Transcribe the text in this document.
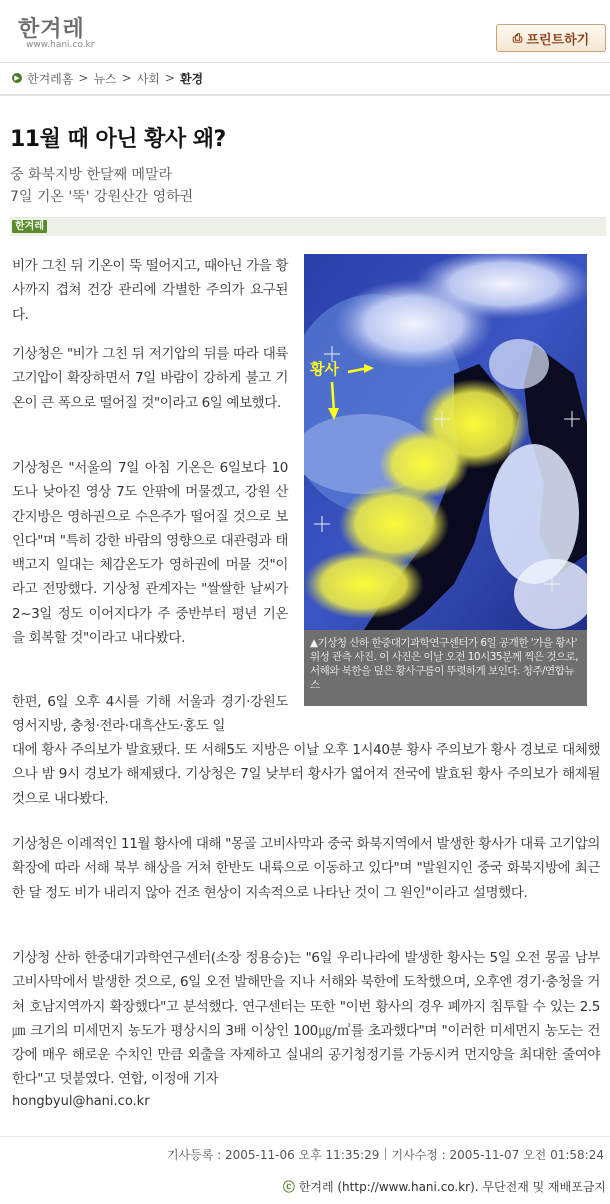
한겨레
www.hani.co.kr
⎙ 프린트하기
▶ 한겨레홈 > 뉴스 > 사회 > 환경
11월 때 아닌 황사 왜?
중 화북지방 한달째 메말라
7일 기온 '뚝' 강원산간 영하권
한겨레
황사

▲기상청 산하 한중대기과학연구센터가 6일 공개한 '가을 황사' 위성 관측 사진. 이 사진은 이날 오전 10시35분께 찍은 것으로, 서해와 북한을 덮은 황사구름이 뚜렷하게 보인다. 청주/연합뉴스

비가 그친 뒤 기온이 뚝 떨어지고, 때아닌 가을 황사까지 겹쳐 건강 관리에 각별한 주의가 요구된다.

기상청은 "비가 그친 뒤 저기압의 뒤를 따라 대륙 고기압이 확장하면서 7일 바람이 강하게 불고 기온이 큰 폭으로 떨어질 것"이라고 6일 예보했다.

기상청은 "서울의 7일 아침 기온은 6일보다 10도나 낮아진 영상 7도 안팎에 머물겠고, 강원 산간지방은 영하권으로 수은주가 떨어질 것으로 보인다"며 "특히 강한 바람의 영향으로 대관령과 태백고지 일대는 체감온도가 영하권에 머물 것"이라고 전망했다. 기상청 관계자는 "쌀쌀한 날씨가 2~3일 정도 이어지다가 주 중반부터 평년 기온을 회복할 것"이라고 내다봤다.

한편, 6일 오후 4시를 기해 서울과 경기·강원도 영서지방, 충청·전라·대흑산도·홍도 일

대에 황사 주의보가 발효됐다. 또 서해5도 지방은 이날 오후 1시40분 황사 주의보가 황사 경보로 대체했으나 밤 9시 경보가 해제됐다. 기상청은 7일 낮부터 황사가 엷어져 전국에 발효된 황사 주의보가 해제될 것으로 내다봤다.

기상청은 이례적인 11월 황사에 대해 "몽골 고비사막과 중국 화북지역에서 발생한 황사가 대륙 고기압의 확장에 따라 서해 북부 해상을 거쳐 한반도 내륙으로 이동하고 있다"며 "발원지인 중국 화북지방에 최근 한 달 정도 비가 내리지 않아 건조 현상이 지속적으로 나타난 것이 그 원인"이라고 설명했다.

기상청 산하 한중대기과학연구센터(소장 정용승)는 "6일 우리나라에 발생한 황사는 5일 오전 몽골 남부 고비사막에서 발생한 것으로, 6일 오전 발해만을 지나 서해와 북한에 도착했으며, 오후엔 경기·충청을 거쳐 호남지역까지 확장했다"고 분석했다. 연구센터는 또한 "이번 황사의 경우 폐까지 침투할 수 있는 2.5㎛ 크기의 미세먼지 농도가 평상시의 3배 이상인 100㎍/㎥를 초과했다"며 "이러한 미세먼지 농도는 건강에 매우 해로운 수치인 만큼 외출을 자제하고 실내의 공기청정기를 가동시켜 먼지양을 최대한 줄여야 한다"고 덧붙였다. 연합, 이정애 기자

hongbyul@hani.co.kr
기사등록 : 2005-11-06 오후 11:35:29 | 기사수정 : 2005-11-07 오전 01:58:24
ⓒ 한겨레 (http://www.hani.co.kr). 무단전재 및 재배포금지
